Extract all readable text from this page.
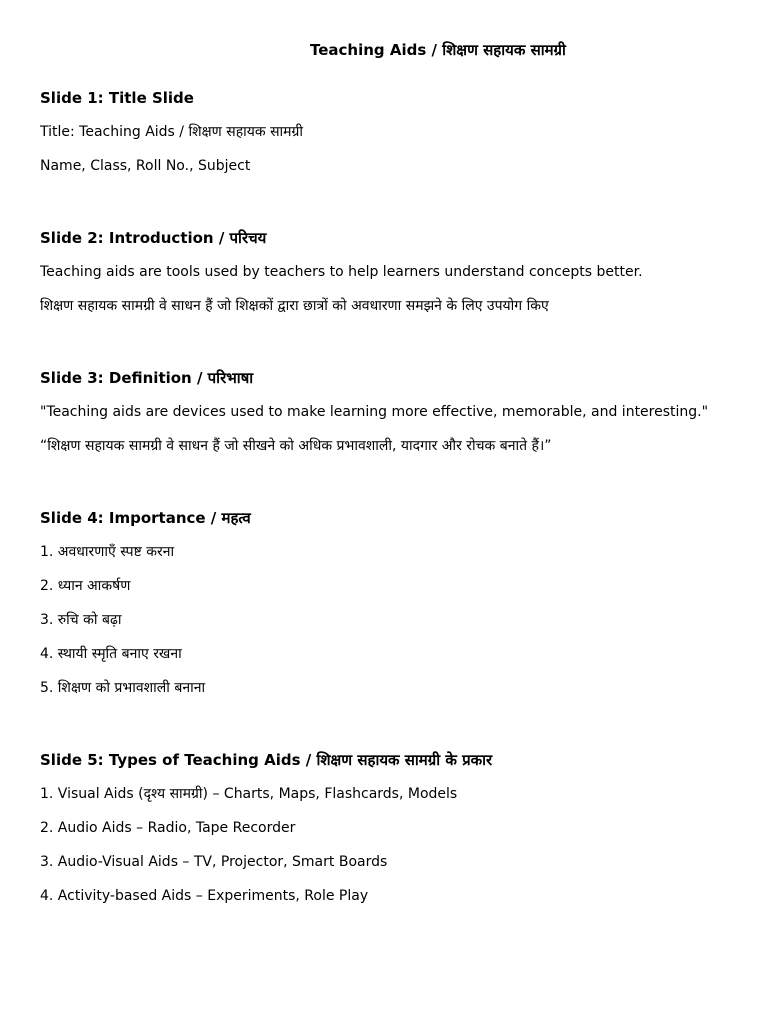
Teaching Aids / शिक्षण सहायक सामग्री
Slide 1: Title Slide
Title: Teaching Aids / शिक्षण सहायक सामग्री
Name, Class, Roll No., Subject
Slide 2: Introduction / परिचय
Teaching aids are tools used by teachers to help learners understand concepts better.
शिक्षण सहायक सामग्री वे साधन हैं जो शिक्षकों द्वारा छात्रों को अवधारणा समझने के लिए उपयोग किए
Slide 3: Definition / परिभाषा
"Teaching aids are devices used to make learning more effective, memorable, and interesting."
“शिक्षण सहायक सामग्री वे साधन हैं जो सीखने को अधिक प्रभावशाली, यादगार और रोचक बनाते हैं।”
Slide 4: Importance / महत्व
1. अवधारणाएँ स्पष्ट करना
2. ध्यान आकर्षण
3. रुचि को बढ़ा
4. स्थायी स्मृति बनाए रखना
5. शिक्षण को प्रभावशाली बनाना
Slide 5: Types of Teaching Aids / शिक्षण सहायक सामग्री के प्रकार
1. Visual Aids (दृश्य सामग्री) – Charts, Maps, Flashcards, Models
2. Audio Aids – Radio, Tape Recorder
3. Audio-Visual Aids – TV, Projector, Smart Boards
4. Activity-based Aids – Experiments, Role Play
